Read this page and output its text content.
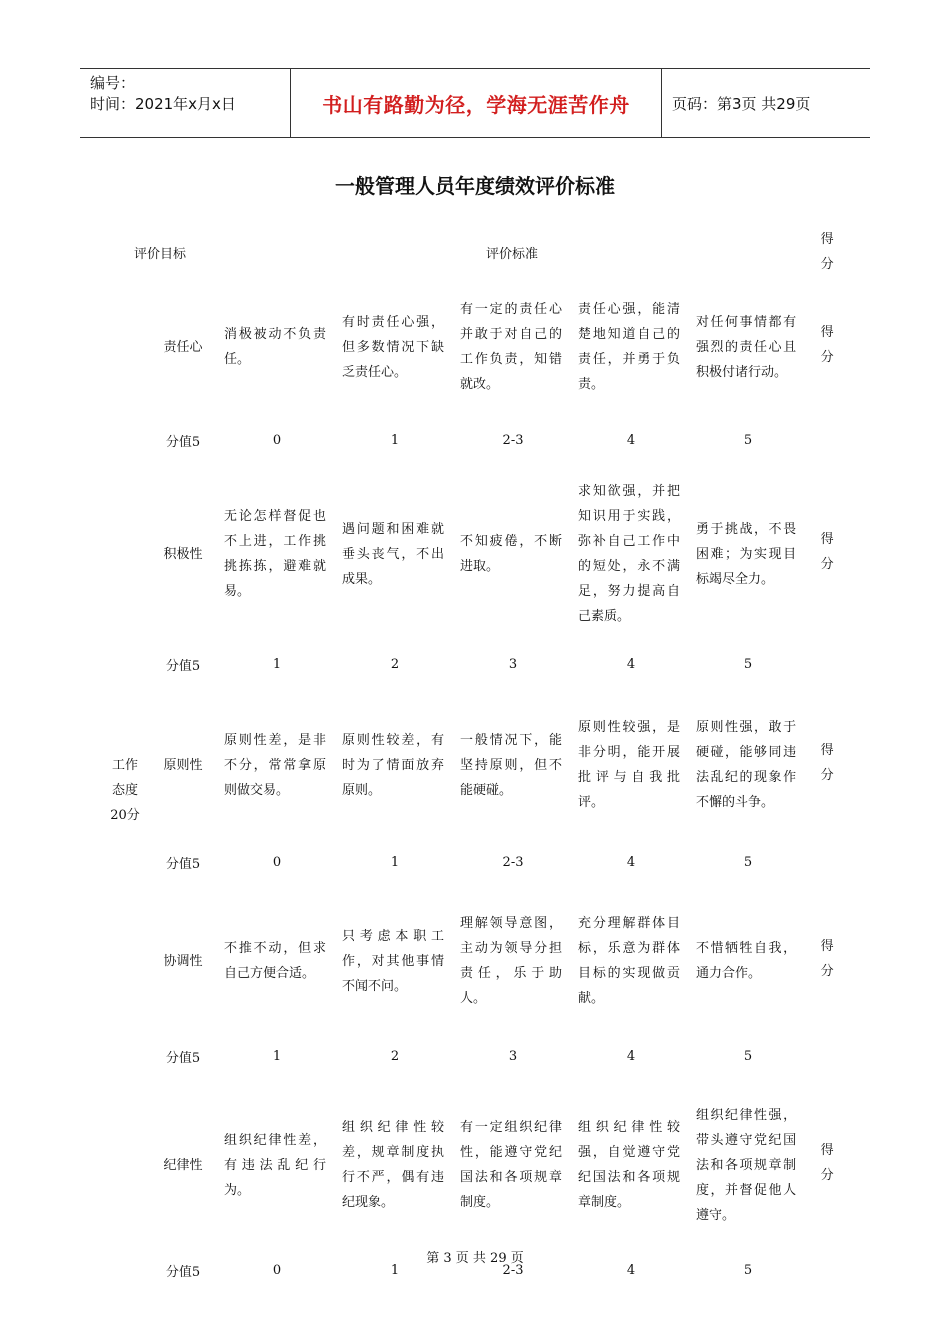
编号：
时间：2021年x月x日	书山有路勤为径，学海无涯苦作舟	页码：第3页 共29页
一般管理人员年度绩效评价标准
评价目标		评价标准					得分
工作态度20分	责任心	消极被动不负责任。	有时责任心强，但多数情况下缺乏责任心。	有一定的责任心并敢于对自己的工作负责，知错就改。	责任心强，能清楚地知道自己的责任，并勇于负责。	对任何事情都有强烈的责任心且积极付诸行动。	得分
	分值5	0	1	2-3	4	5	
	积极性	无论怎样督促也不上进，工作挑挑拣拣，避难就易。	遇问题和困难就垂头丧气，不出成果。	不知疲倦，不断进取。	求知欲强，并把知识用于实践，弥补自己工作中的短处，永不满足，努力提高自己素质。	勇于挑战，不畏困难；为实现目标竭尽全力。	得分
	分值5	1	2	3	4	5	
	原则性	原则性差，是非不分，常常拿原则做交易。	原则性较差，有时为了情面放弃原则。	一般情况下，能坚持原则，但不能硬碰。	原则性较强，是非分明，能开展批评与自我批评。	原则性强，敢于硬碰，能够同违法乱纪的现象作不懈的斗争。	得分
	分值5	0	1	2-3	4	5	
	协调性	不推不动，但求自己方便合适。	只考虑本职工作，对其他事情不闻不问。	理解领导意图，主动为领导分担责任，乐于助人。	充分理解群体目标，乐意为群体目标的实现做贡献。	不惜牺牲自我，通力合作。	得分
	分值5	1	2	3	4	5	
	纪律性	组织纪律性差，有违法乱纪行为。	组织纪律性较差，规章制度执行不严，偶有违纪现象。	有一定组织纪律性，能遵守党纪国法和各项规章制度。	组织纪律性较强，自觉遵守党纪国法和各项规章制度。	组织纪律性强，带头遵守党纪国法和各项规章制度，并督促他人遵守。	得分
	分值5	0	1	2-3	4	5	
第 3 页 共 29 页
